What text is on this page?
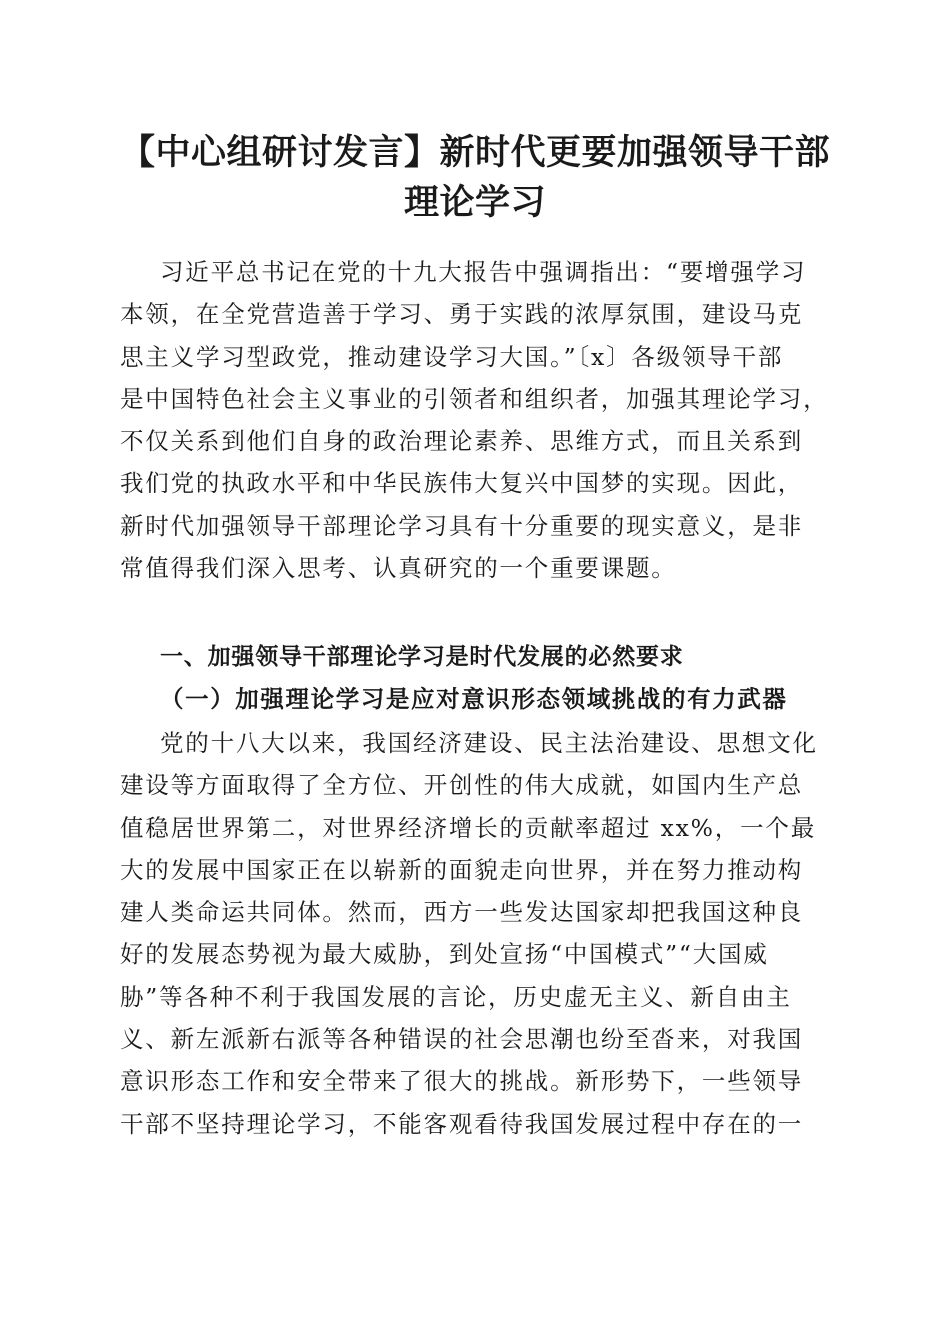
【中心组研讨发言】新时代更要加强领导干部
理论学习
习近平总书记在党的十九大报告中强调指出：“要增强学习
本领，在全党营造善于学习、勇于实践的浓厚氛围，建设马克
思主义学习型政党，推动建设学习大国。”〔x〕各级领导干部
是中国特色社会主义事业的引领者和组织者，加强其理论学习，
不仅关系到他们自身的政治理论素养、思维方式，而且关系到
我们党的执政水平和中华民族伟大复兴中国梦的实现。因此，
新时代加强领导干部理论学习具有十分重要的现实意义，是非
常值得我们深入思考、认真研究的一个重要课题。
一、加强领导干部理论学习是时代发展的必然要求
（一）加强理论学习是应对意识形态领域挑战的有力武器
党的十八大以来，我国经济建设、民主法治建设、思想文化
建设等方面取得了全方位、开创性的伟大成就，如国内生产总
值稳居世界第二，对世界经济增长的贡献率超过 xx%，一个最
大的发展中国家正在以崭新的面貌走向世界，并在努力推动构
建人类命运共同体。然而，西方一些发达国家却把我国这种良
好的发展态势视为最大威胁，到处宣扬“中国模式”“大国威
胁”等各种不利于我国发展的言论，历史虚无主义、新自由主
义、新左派新右派等各种错误的社会思潮也纷至沓来，对我国
意识形态工作和安全带来了很大的挑战。新形势下，一些领导
干部不坚持理论学习，不能客观看待我国发展过程中存在的一
